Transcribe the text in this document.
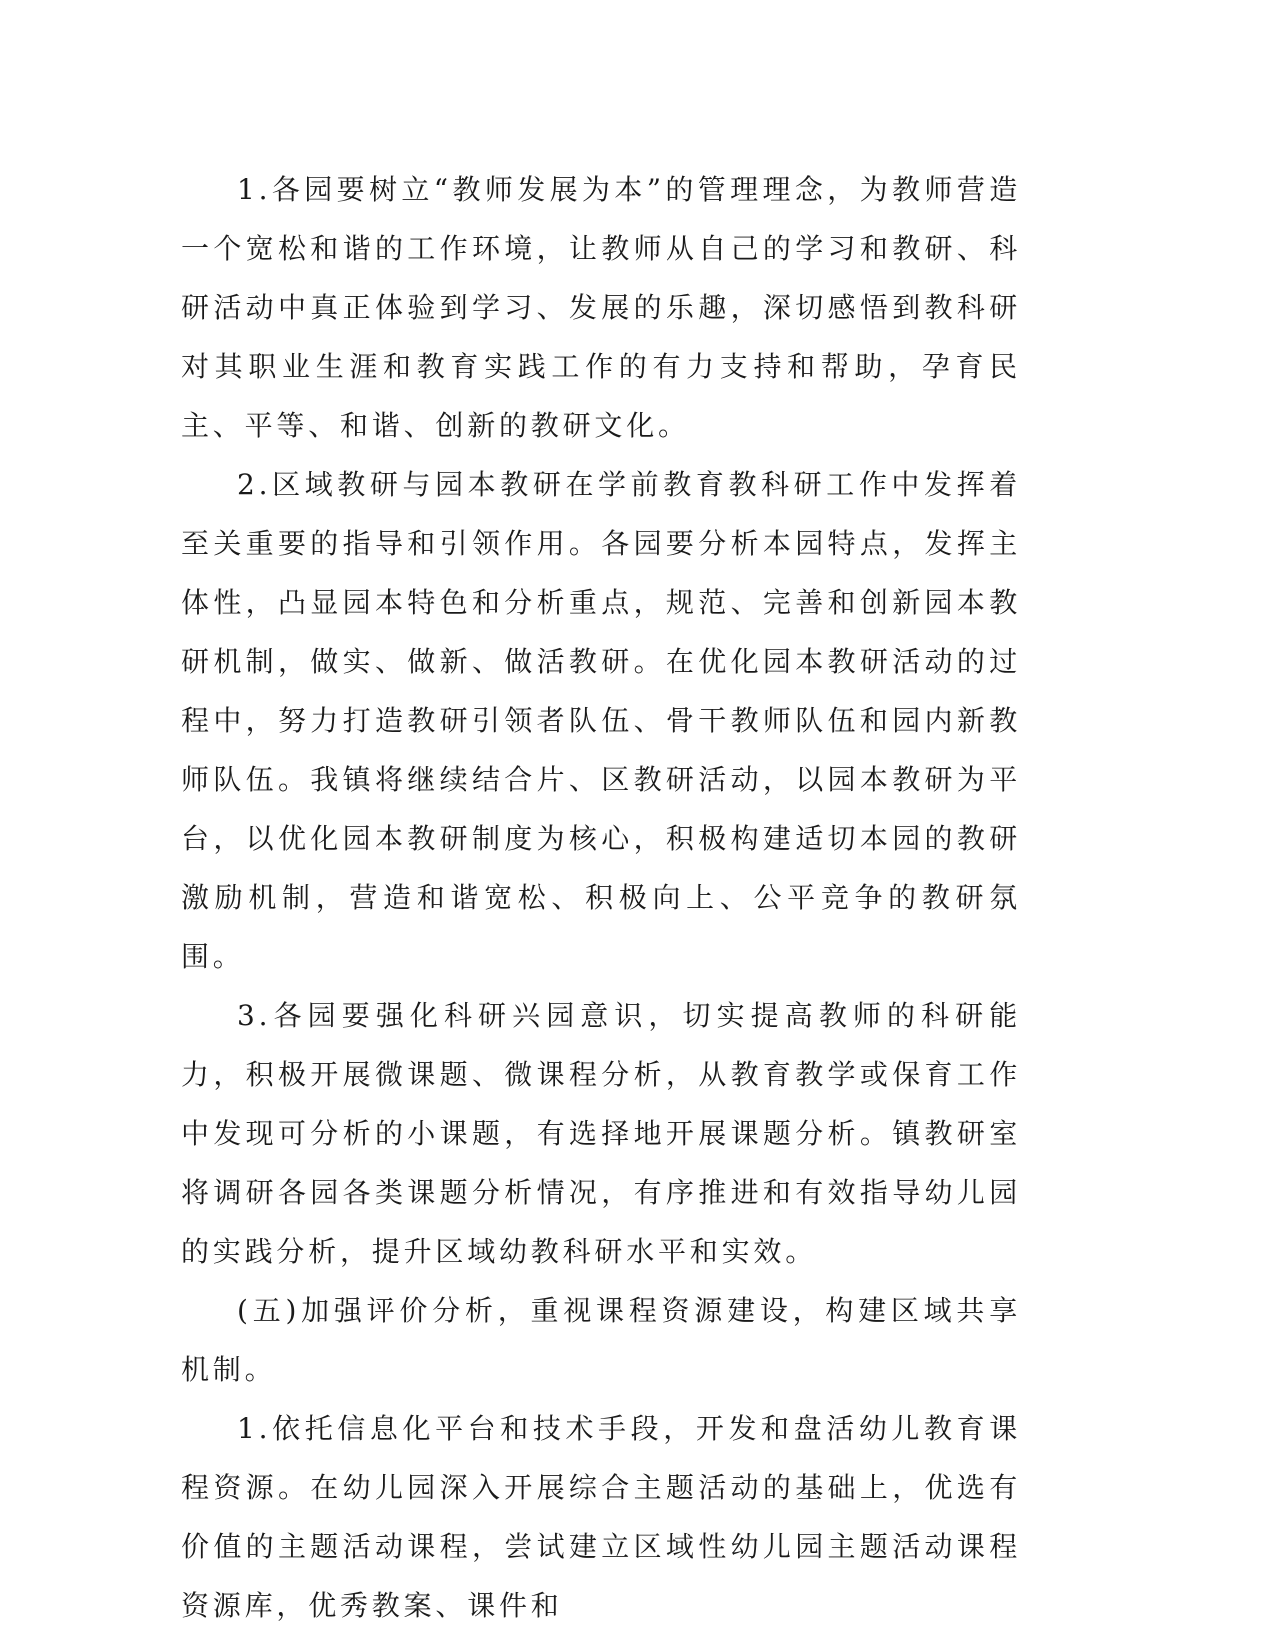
1.各园要树立“教师发展为本”的管理理念，为教师营造一个宽松和谐的工作环境，让教师从自己的学习和教研、科研活动中真正体验到学习、发展的乐趣，深切感悟到教科研对其职业生涯和教育实践工作的有力支持和帮助，孕育民主、平等、和谐、创新的教研文化。

2.区域教研与园本教研在学前教育教科研工作中发挥着至关重要的指导和引领作用。各园要分析本园特点，发挥主体性，凸显园本特色和分析重点，规范、完善和创新园本教研机制，做实、做新、做活教研。在优化园本教研活动的过程中，努力打造教研引领者队伍、骨干教师队伍和园内新教师队伍。我镇将继续结合片、区教研活动，以园本教研为平台，以优化园本教研制度为核心，积极构建适切本园的教研激励机制，营造和谐宽松、积极向上、公平竞争的教研氛围。

3.各园要强化科研兴园意识，切实提高教师的科研能力，积极开展微课题、微课程分析，从教育教学或保育工作中发现可分析的小课题，有选择地开展课题分析。镇教研室将调研各园各类课题分析情况，有序推进和有效指导幼儿园的实践分析，提升区域幼教科研水平和实效。

(五)加强评价分析，重视课程资源建设，构建区域共享机制。

1.依托信息化平台和技术手段，开发和盘活幼儿教育课程资源。在幼儿园深入开展综合主题活动的基础上，优选有价值的主题活动课程，尝试建立区域性幼儿园主题活动课程资源库，优秀教案、课件和
